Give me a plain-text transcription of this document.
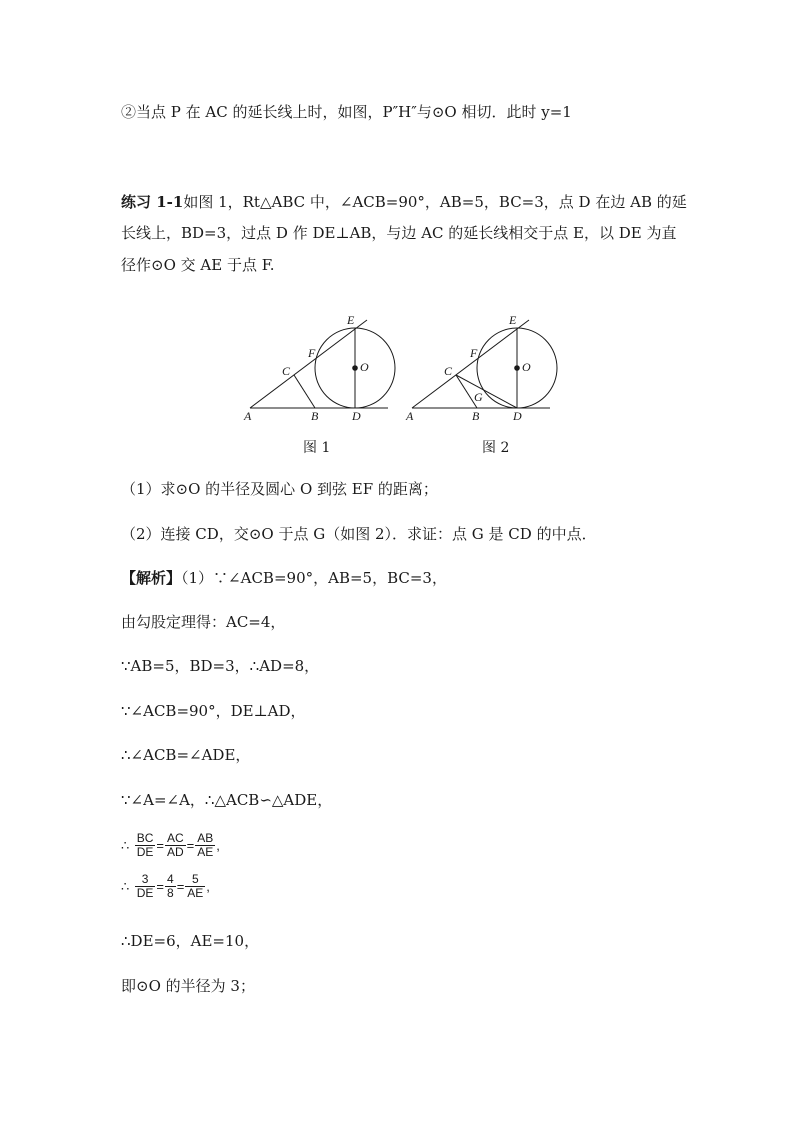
②当点 P 在 AC 的延长线上时，如图，P″H″与⊙O 相切．此时 y=1
练习 1-1如图 1，Rt△ABC 中，∠ACB=90°，AB=5，BC=3，点 D 在边 AB 的延
长线上，BD=3，过点 D 作 DE⊥AB，与边 AC 的延长线相交于点 E，以 DE 为直
径作⊙O 交 AE 于点 F.
A	B
C
D
E
F
O
A	B
C
D
E
F
G
O
图 1	图 2
（1）求⊙O 的半径及圆心 O 到弦 EF 的距离；
（2）连接 CD，交⊙O 于点 G（如图 2）．求证：点 G 是 CD 的中点．
【解析】（1）∵∠ACB=90°，AB=5，BC=3，
由勾股定理得：AC=4，
∵AB=5，BD=3，∴AD=8，
∵∠ACB=90°，DE⊥AD，
∴∠ACB=∠ADE，
∵∠A=∠A，∴△ACB∽△ADE，
∴ $\frac{BC}{DE} = \frac{AC}{AD} = \frac{AB}{AE}$ ,
∴ $\frac{3}{DE} = \frac{4}{8} = \frac{5}{AE}$ ,
∴DE=6，AE=10，
即⊙O 的半径为 3；
